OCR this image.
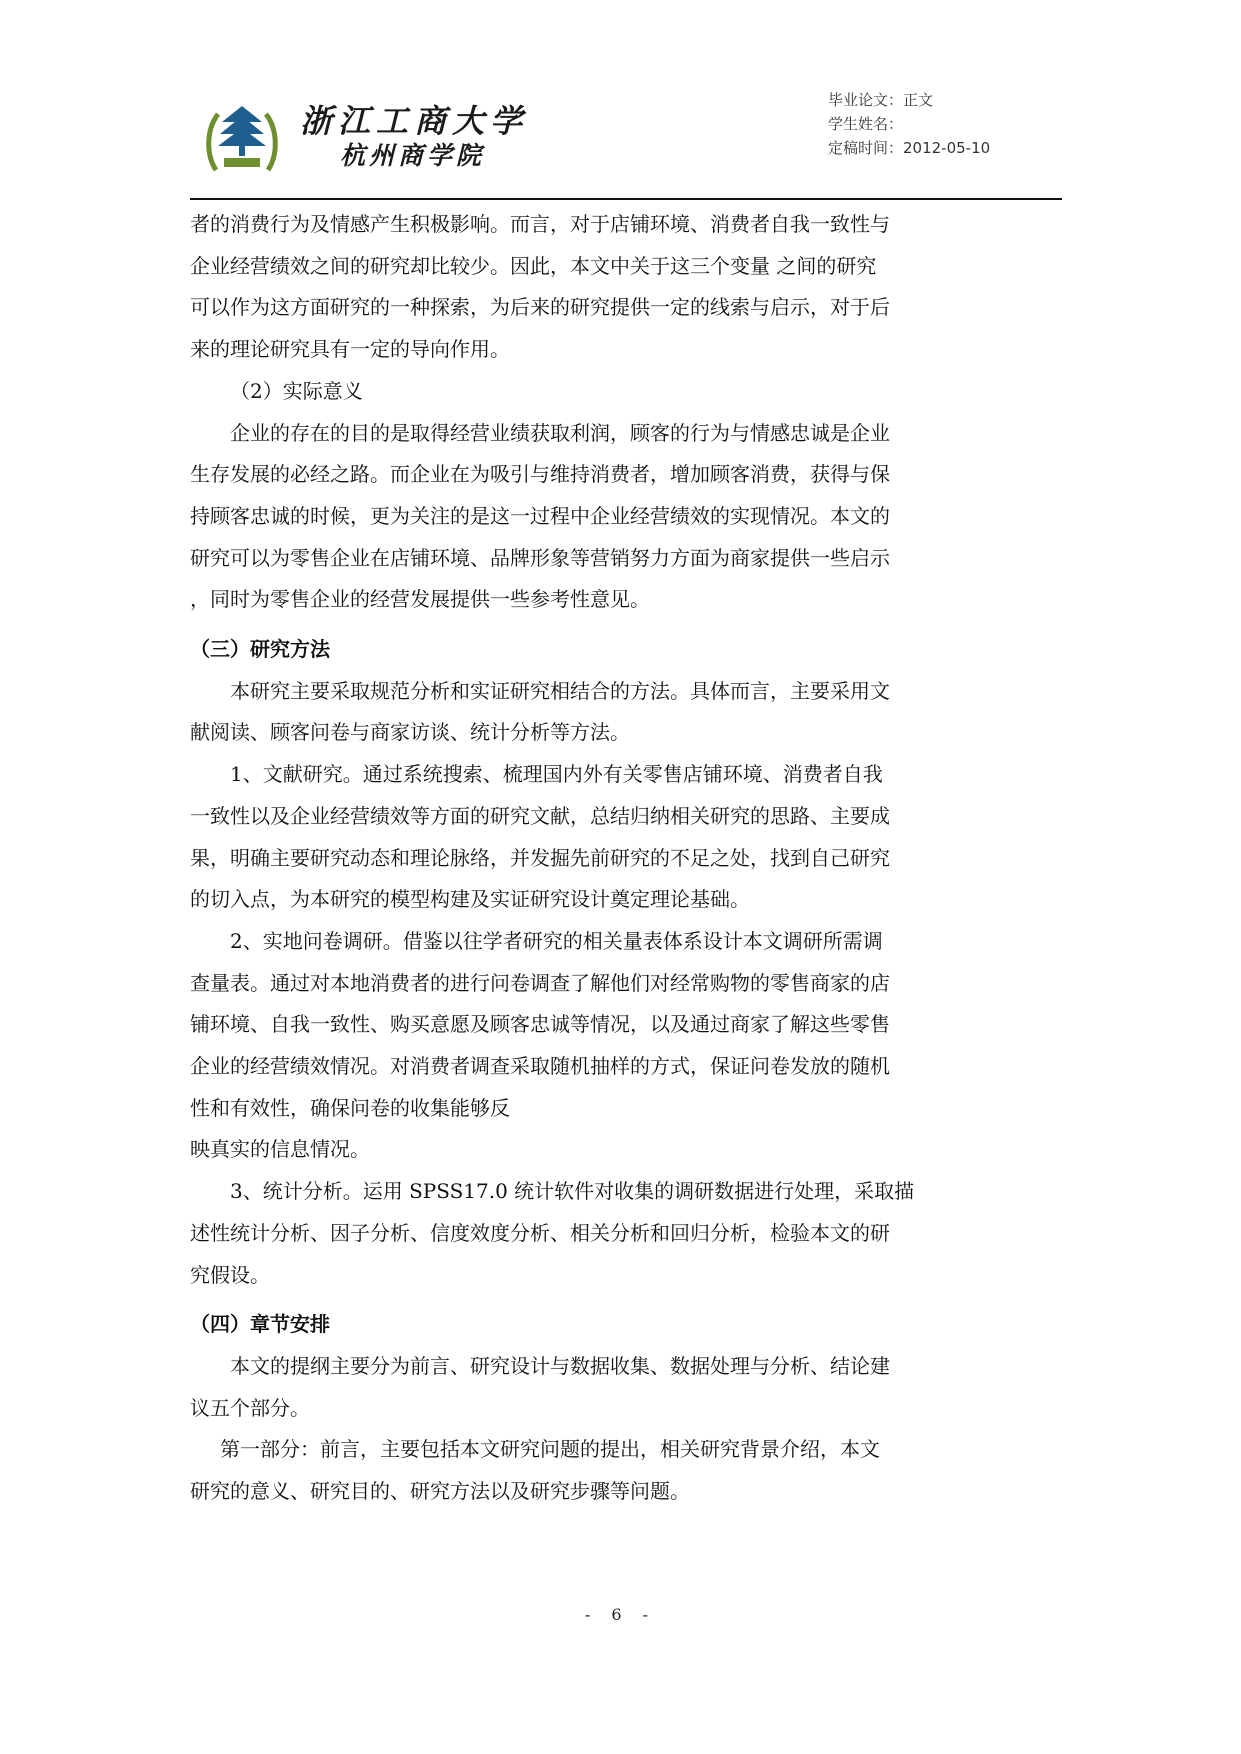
浙江工商大学
杭州商学院
毕业论文：正文
学生姓名：
定稿时间：2012-05-10
者的消费行为及情感产生积极影响。而言，对于店铺环境、消费者自我一致性与
企业经营绩效之间的研究却比较少。因此，本文中关于这三个变量 之间的研究
可以作为这方面研究的一种探索，为后来的研究提供一定的线索与启示，对于后
来的理论研究具有一定的导向作用。
（2）实际意义
企业的存在的目的是取得经营业绩获取利润，顾客的行为与情感忠诚是企业
生存发展的必经之路。而企业在为吸引与维持消费者，增加顾客消费，获得与保
持顾客忠诚的时候，更为关注的是这一过程中企业经营绩效的实现情况。本文的
研究可以为零售企业在店铺环境、品牌形象等营销努力方面为商家提供一些启示
，同时为零售企业的经营发展提供一些参考性意见。
（三）研究方法
本研究主要采取规范分析和实证研究相结合的方法。具体而言，主要采用文
献阅读、顾客问卷与商家访谈、统计分析等方法。
1、文献研究。通过系统搜索、梳理国内外有关零售店铺环境、消费者自我
一致性以及企业经营绩效等方面的研究文献，总结归纳相关研究的思路、主要成
果，明确主要研究动态和理论脉络，并发掘先前研究的不足之处，找到自己研究
的切入点，为本研究的模型构建及实证研究设计奠定理论基础。
2、实地问卷调研。借鉴以往学者研究的相关量表体系设计本文调研所需调
查量表。通过对本地消费者的进行问卷调查了解他们对经常购物的零售商家的店
铺环境、自我一致性、购买意愿及顾客忠诚等情况，以及通过商家了解这些零售
企业的经营绩效情况。对消费者调查采取随机抽样的方式，保证问卷发放的随机
性和有效性，确保问卷的收集能够反
映真实的信息情况。
3、统计分析。运用 SPSS17.0 统计软件对收集的调研数据进行处理，采取描
述性统计分析、因子分析、信度效度分析、相关分析和回归分析，检验本文的研
究假设。
（四）章节安排
本文的提纲主要分为前言、研究设计与数据收集、数据处理与分析、结论建
议五个部分。
第一部分：前言，主要包括本文研究问题的提出，相关研究背景介绍，本文
研究的意义、研究目的、研究方法以及研究步骤等问题。
- 6 -
